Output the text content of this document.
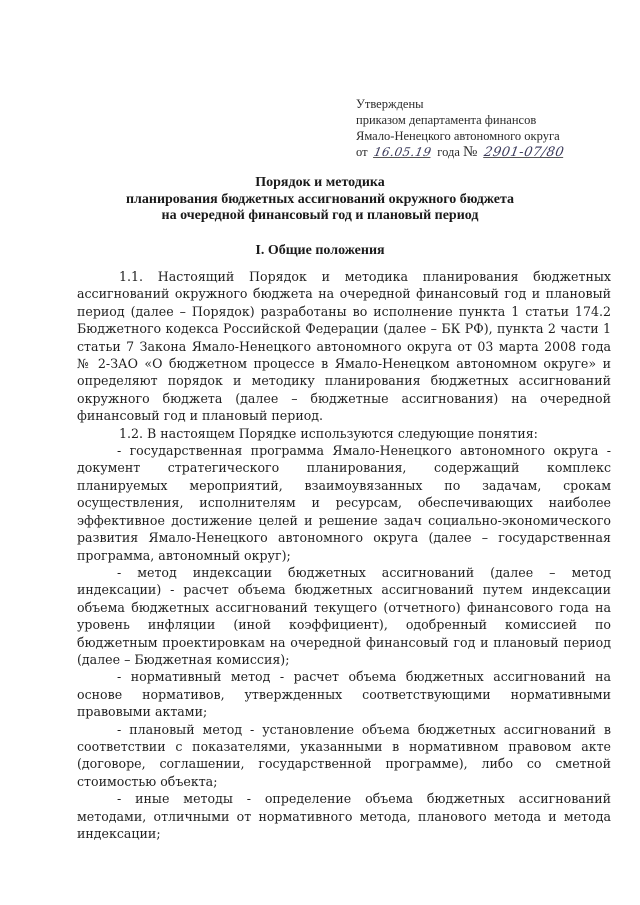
Утверждены
приказом департамента финансов
Ямало-Ненецкого автономного округа
от 16.05.19 года № 2901-07/80
Порядок и методика
планирования бюджетных ассигнований окружного бюджета
на очередной финансовый год и плановый период
I. Общие положения

1.1. Настоящий Порядок и методика планирования бюджетных ассигнований окружного бюджета на очередной финансовый год и плановый период (далее – Порядок) разработаны во исполнение пункта 1 статьи 174.2 Бюджетного кодекса Российской Федерации (далее – БК РФ), пункта 2 части 1 статьи 7 Закона Ямало-Ненецкого автономного округа от 03 марта 2008 года № 2-ЗАО «О бюджетном процессе в Ямало-Ненецком автономном округе» и определяют порядок и методику планирования бюджетных ассигнований окружного бюджета (далее – бюджетные ассигнования) на очередной финансовый год и плановый период.

1.2. В настоящем Порядке используются следующие понятия:

- государственная программа Ямало-Ненецкого автономного округа - документ стратегического планирования, содержащий комплекс планируемых мероприятий, взаимоувязанных по задачам, срокам осуществления, исполнителям и ресурсам, обеспечивающих наиболее эффективное достижение целей и решение задач социально-экономического развития Ямало-Ненецкого автономного округа (далее – государственная программа, автономный округ);

- метод индексации бюджетных ассигнований (далее – метод индексации) - расчет объема бюджетных ассигнований путем индексации объема бюджетных ассигнований текущего (отчетного) финансового года на уровень инфляции (иной коэффициент), одобренный комиссией по бюджетным проектировкам на очередной финансовый год и плановый период (далее – Бюджетная комиссия);

- нормативный метод - расчет объема бюджетных ассигнований на основе нормативов, утвержденных соответствующими нормативными правовыми актами;

- плановый метод - установление объема бюджетных ассигнований в соответствии с показателями, указанными в нормативном правовом акте (договоре, соглашении, государственной программе), либо со сметной стоимостью объекта;

- иные методы - определение объема бюджетных ассигнований методами, отличными от нормативного метода, планового метода и метода индексации;
